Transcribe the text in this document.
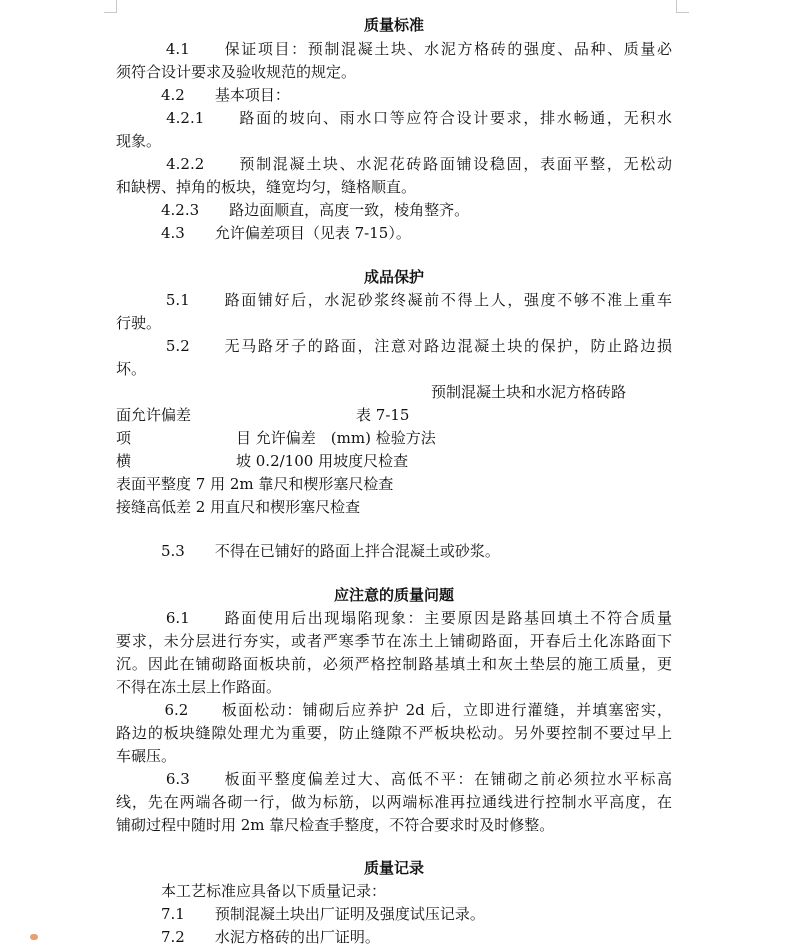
质量标准
　　　4.1　　保证项目：预制混凝土块、水泥方格砖的强度、品种、质量必
须符合设计要求及验收规范的规定。
　　　4.2　　基本项目：
　　　4.2.1　　路面的坡向、雨水口等应符合设计要求，排水畅通，无积水
现象。
　　　4.2.2　　预制混凝土块、水泥花砖路面铺设稳固，表面平整，无松动
和缺楞、掉角的板块，缝宽均匀，缝格顺直。
　　　4.2.3　　路边面顺直，高度一致，棱角整齐。
　　　4.3　　允许偏差项目（见表 7-15）。
成品保护
　　　5.1　　路面铺好后，水泥砂浆终凝前不得上人，强度不够不准上重车
行驶。
　　　5.2　　无马路牙子的路面，注意对路边混凝土块的保护，防止路边损
坏。
　　　　　　　　　　　　　　　　　　　　　预制混凝土块和水泥方格砖路
面允许偏差　　　　　　　　　　　表 7-15
项　　　　　　　目 允许偏差　(mm) 检验方法
横　　　　　　　坡 0.2/100 用坡度尺检查
表面平整度 7 用 2m 靠尺和楔形塞尺检查
接缝高低差 2 用直尺和楔形塞尺检查
　　　5.3　　不得在已铺好的路面上拌合混凝土或砂浆。
应注意的质量问题
　　　6.1　　路面使用后出现塌陷现象：主要原因是路基回填土不符合质量
要求，未分层进行夯实，或者严寒季节在冻土上铺砌路面，开春后土化冻路面下
沉。因此在铺砌路面板块前，必须严格控制路基填土和灰土垫层的施工质量，更
不得在冻土层上作路面。
　　　6.2　　板面松动：铺砌后应养护 2d 后，立即进行灌缝，并填塞密实，
路边的板块缝隙处理尤为重要，防止缝隙不严板块松动。另外要控制不要过早上
车碾压。
　　　6.3　　板面平整度偏差过大、高低不平：在铺砌之前必须拉水平标高
线，先在两端各砌一行，做为标筋，以两端标准再拉通线进行控制水平高度，在
铺砌过程中随时用 2m 靠尺检查手整度，不符合要求时及时修整。
质量记录
　　　本工艺标准应具备以下质量记录：
　　　7.1　　预制混凝土块出厂证明及强度试压记录。
　　　7.2　　水泥方格砖的出厂证明。
